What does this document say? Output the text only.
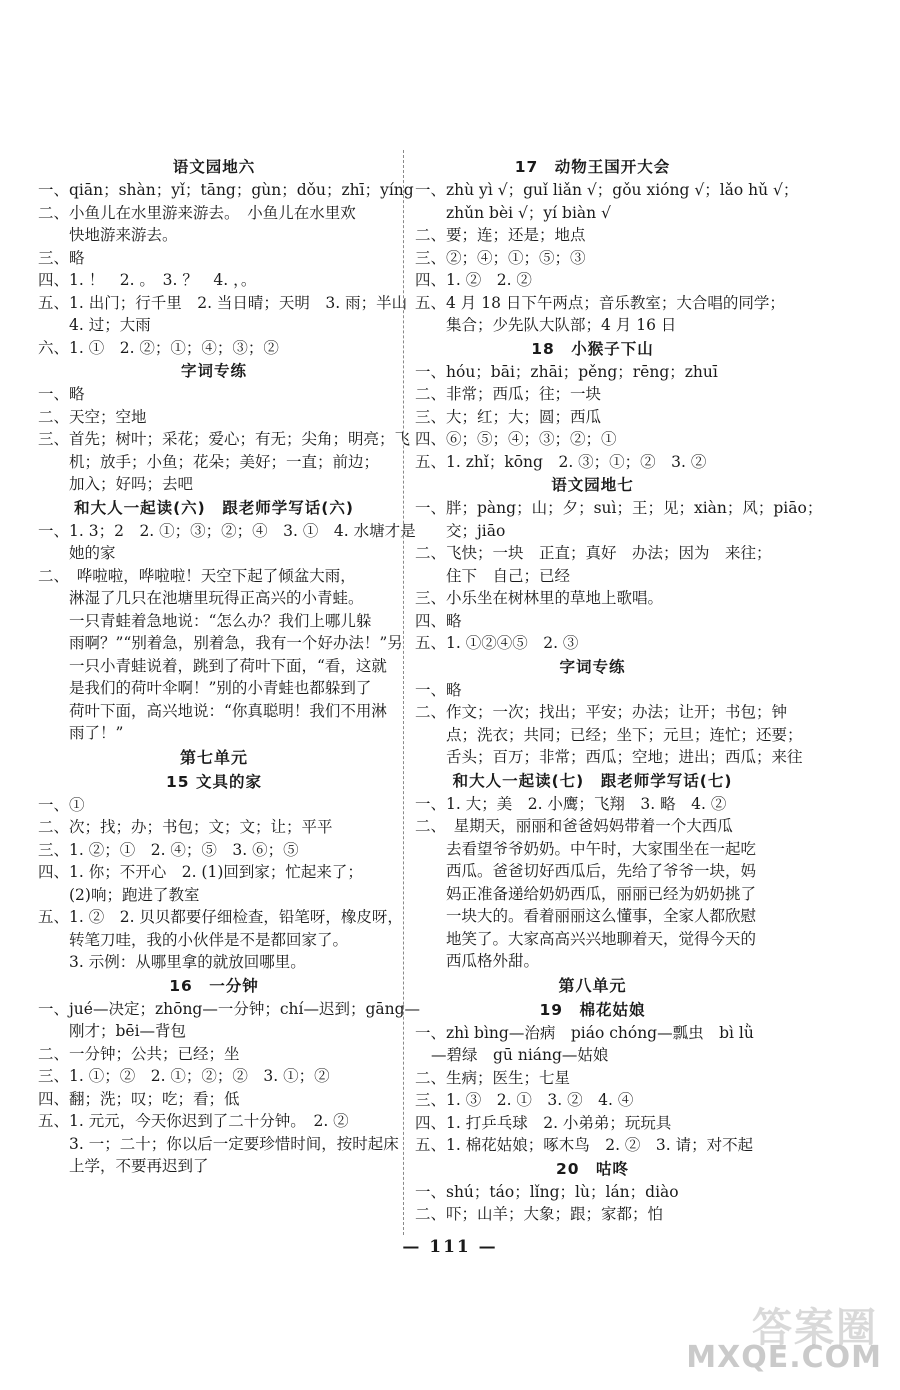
语文园地六
一、qiān；shàn；yǐ；tāng；gùn；dǒu；zhī；yíng
二、小鱼儿在水里游来游去。　小鱼儿在水里欢
快地游来游去。
三、略
四、1. ！　2. 。　3. ？　4. ，。
五、1. 出门；行千里　2. 当日晴；天明　3. 雨；半山
4. 过；大雨
六、1. ①　2. ②；①；④；③；②
字词专练
一、略
二、天空；空地
三、首先；树叶；采花；爱心；有无；尖角；明亮；飞
机；放手；小鱼；花朵；美好；一直；前边；
加入；好吗；去吧
和大人一起读(六)　跟老师学写话(六)
一、1. 3；2　2. ①；③；②；④　3. ①　4. 水塘才是
她的家
二、　哗啦啦，哗啦啦！天空下起了倾盆大雨，
淋湿了几只在池塘里玩得正高兴的小青蛙。
一只青蛙着急地说：“怎么办？我们上哪儿躲
雨啊？”“别着急，别着急，我有一个好办法！”另
一只小青蛙说着，跳到了荷叶下面，“看，这就
是我们的荷叶伞啊！”别的小青蛙也都躲到了
荷叶下面，高兴地说：“你真聪明！我们不用淋
雨了！”
第七单元
15 文具的家
一、①
二、次；找；办；书包；文；文；让；平平
三、1. ②；①　2. ④；⑤　3. ⑥；⑤
四、1. 你；不开心　2. (1)回到家；忙起来了；
(2)响；跑进了教室
五、1. ②　2. 贝贝都要仔细检查，铅笔呀，橡皮呀，
转笔刀哇，我的小伙伴是不是都回家了。
3. 示例：从哪里拿的就放回哪里。
16　一分钟
一、jué—决定；zhōng—一分钟；chí—迟到；gāng—
刚才；bēi—背包
二、一分钟；公共；已经；坐
三、1. ①；②　2. ①；②；②　3. ①；②
四、翻；洗；叹；吃；看；低
五、1. 元元，今天你迟到了二十分钟。　2. ②
3. 一；二十；你以后一定要珍惜时间，按时起床
上学，不要再迟到了
17　动物王国开大会
一、zhù yì √；guǐ liǎn √；gǒu xióng √；lǎo hǔ √；
zhǔn bèi √；yí biàn √
二、要；连；还是；地点
三、②；④；①；⑤；③
四、1. ②　2. ②
五、4 月 18 日下午两点；音乐教室；大合唱的同学；
集合；少先队大队部；4 月 16 日
18　小猴子下山
一、hóu；bāi；zhāi；pěng；rēng；zhuī
二、非常；西瓜；往；一块
三、大；红；大；圆；西瓜
四、⑥；⑤；④；③；②；①
五、1. zhǐ；kōng　2. ③；①；②　3. ②
语文园地七
一、胖；pàng；山；夕；suì；王；见；xiàn；风；piāo；
交；jiāo
二、飞快；一块　正直；真好　办法；因为　来往；
住下　自己；已经
三、小乐坐在树林里的草地上歌唱。
四、略
五、1. ①②④⑤　2. ③
字词专练
一、略
二、作文；一次；找出；平安；办法；让开；书包；钟
点；洗衣；共同；已经；坐下；元旦；连忙；还要；
舌头；百万；非常；西瓜；空地；进出；西瓜；来往
和大人一起读(七)　跟老师学写话(七)
一、1. 大；美　2. 小鹰；飞翔　3. 略　4. ②
二、　星期天，丽丽和爸爸妈妈带着一个大西瓜
去看望爷爷奶奶。中午时，大家围坐在一起吃
西瓜。爸爸切好西瓜后，先给了爷爷一块，妈
妈正准备递给奶奶西瓜，丽丽已经为奶奶挑了
一块大的。看着丽丽这么懂事，全家人都欣慰
地笑了。大家高高兴兴地聊着天，觉得今天的
西瓜格外甜。
第八单元
19　棉花姑娘
一、zhì bìng—治病　piáo chóng—瓢虫　bì lǜ
—碧绿　gū niáng—姑娘
二、生病；医生；七星
三、1. ③　2. ①　3. ②　4. ④
四、1. 打乒乓球　2. 小弟弟；玩玩具
五、1. 棉花姑娘；啄木鸟　2. ②　3. 请；对不起
20　咕咚
一、shú；táo；lǐng；lù；lán；diào
二、吓；山羊；大象；跟；家都；怕
— 111 —
答案圈
MXQE.COM
